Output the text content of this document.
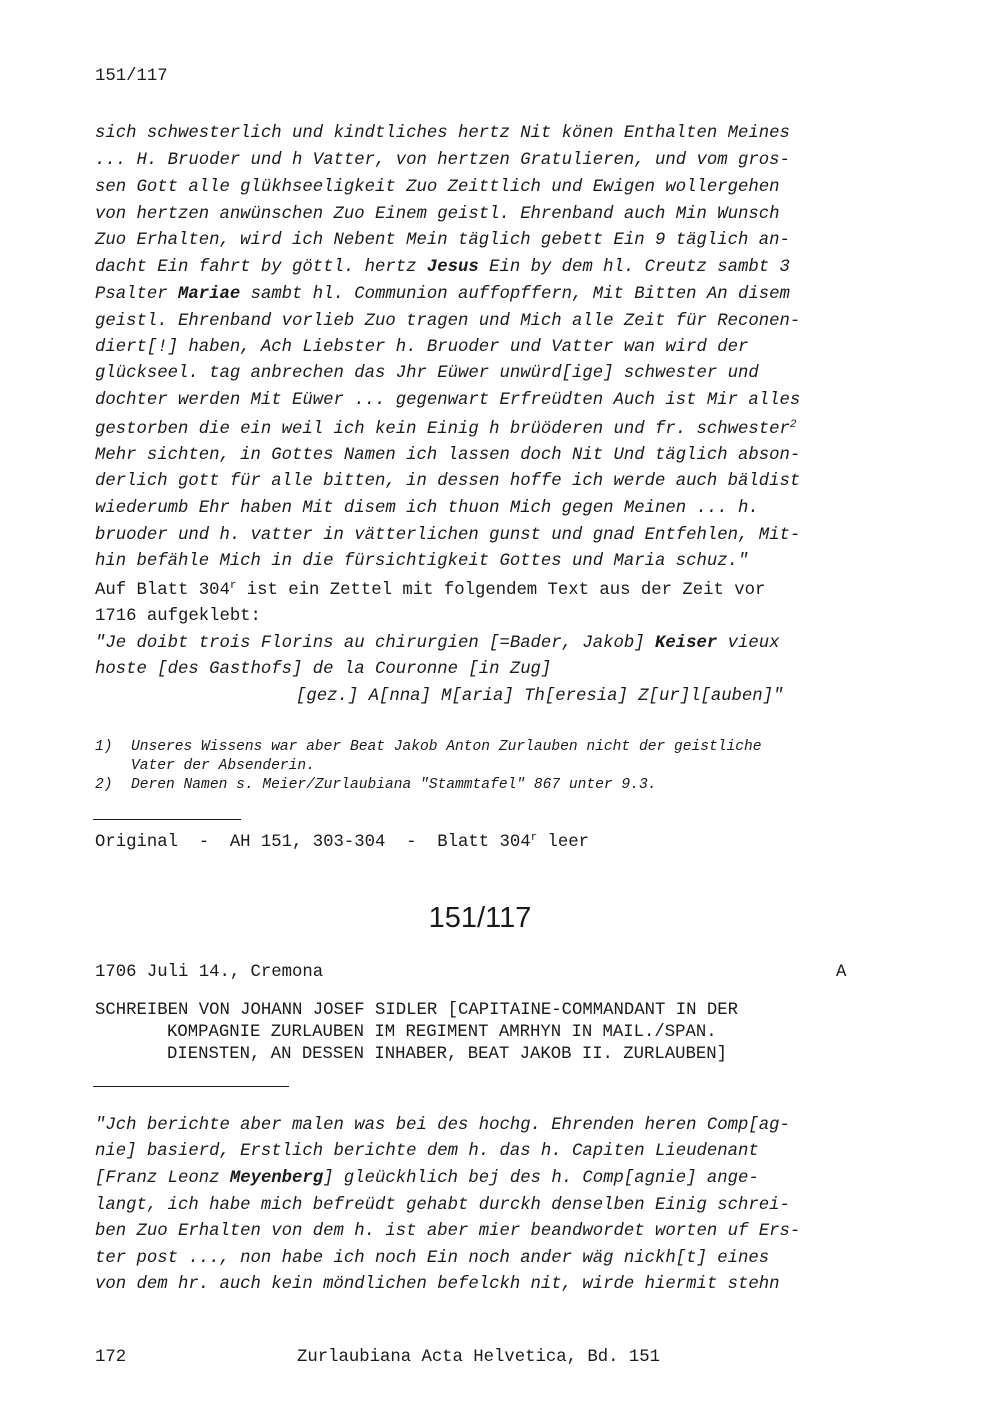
151/117
sich schwesterlich und kindtliches hertz Nit könen Enthalten Meines
... H. Bruoder und h Vatter, von hertzen Gratulieren, und vom gros-
sen Gott alle glükhseeligkeit Zuo Zeittlich und Ewigen wollergehen
von hertzen anwünschen Zuo Einem geistl. Ehrenband auch Min Wunsch
Zuo Erhalten, wird ich Nebent Mein täglich gebett Ein 9 täglich an-
dacht Ein fahrt by göttl. hertz Jesus Ein by dem hl. Creutz sambt 3
Psalter Mariae sambt hl. Communion auffopffern, Mit Bitten An disem
geistl. Ehrenband vorlieb Zuo tragen und Mich alle Zeit für Reconen-
diert[!] haben, Ach Liebster h. Bruoder und Vatter wan wird der
glückseel. tag anbrechen das Jhr Eüwer unwürd[ige] schwester und
dochter werden Mit Eüwer ... gegenwart Erfreüdten Auch ist Mir alles
gestorben die ein weil ich kein Einig h brüöderen und fr. schwester$^2$
Mehr sichten, in Gottes Namen ich lassen doch Nit Und täglich abson-
derlich gott für alle bitten, in dessen hoffe ich werde auch bäldist
wiederumb Ehr haben Mit disem ich thuon Mich gegen Meinen ... h.
bruoder und h. vatter in vätterlichen gunst und gnad Entfehlen, Mit-
hin befähle Mich in die fürsichtigkeit Gottes und Maria schuz."
Auf Blatt 304$^r$ ist ein Zettel mit folgendem Text aus der Zeit vor
1716 aufgeklebt:
"Je doibt trois Florins au chirurgien [=Bader, Jakob] Keiser vieux
hoste [des Gasthofs] de la Couronne [in Zug]
[gez.] A[nna] M[aria] Th[eresia] Z[ur]l[auben]"
1) Unseres Wissens war aber Beat Jakob Anton Zurlauben nicht der geistliche
Vater der Absenderin.
2) Deren Namen s. Meier/Zurlaubiana "Stammtafel" 867 unter 9.3.
Original  -  AH 151, 303-304  -  Blatt 304$^r$ leer
151/117
1706 Juli 14., Cremona	A
SCHREIBEN VON JOHANN JOSEF SIDLER [CAPITAINE-COMMANDANT IN DER
KOMPAGNIE ZURLAUBEN IM REGIMENT AMRHYN IN MAIL./SPAN.
DIENSTEN, AN DESSEN INHABER, BEAT JAKOB II. ZURLAUBEN]
"Jch berichte aber malen was bei des hochg. Ehrenden heren Comp[ag-
nie] basierd, Erstlich berichte dem h. das h. Capiten Lieudenant
[Franz Leonz Meyenberg] gleückhlich bej des h. Comp[agnie] ange-
langt, ich habe mich befreüdt gehabt durckh denselben Einig schrei-
ben Zuo Erhalten von dem h. ist aber mier beandwordet worten uf Ers-
ter post ..., non habe ich noch Ein noch ander wäg nickh[t] eines
von dem hr. auch kein möndlichen befelckh nit, wirde hiermit stehn
172	Zurlaubiana Acta Helvetica, Bd. 151
